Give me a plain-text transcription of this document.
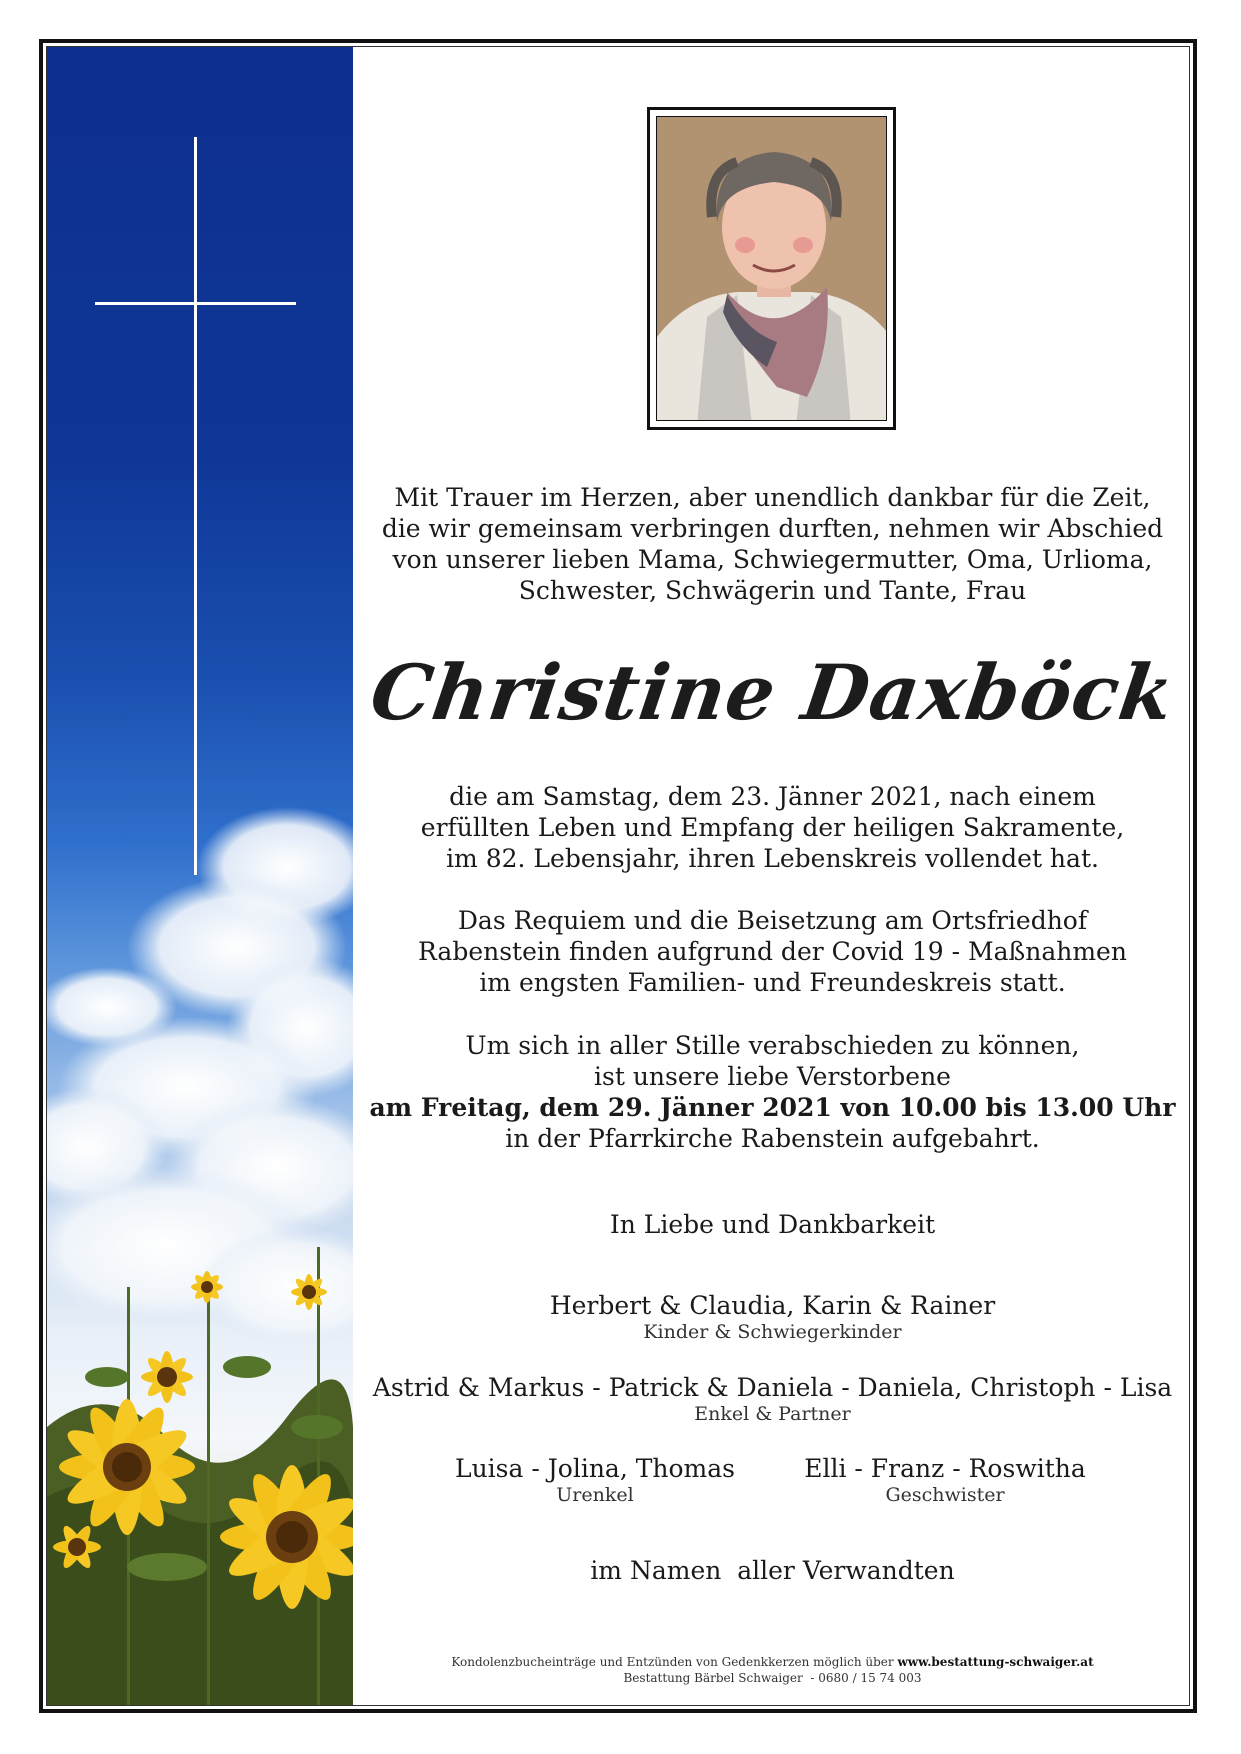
Mit Trauer im Herzen, aber unendlich dankbar für die Zeit,
die wir gemeinsam verbringen durften, nehmen wir Abschied
von unserer lieben Mama, Schwiegermutter, Oma, Urlioma,
Schwester, Schwägerin und Tante, Frau
Christine Daxböck
die am Samstag, dem 23. Jänner 2021, nach einem
erfüllten Leben und Empfang der heiligen Sakramente,
im 82. Lebensjahr, ihren Lebenskreis vollendet hat.
Das Requiem und die Beisetzung am Ortsfriedhof
Rabenstein finden aufgrund der Covid 19 - Maßnahmen
im engsten Familien- und Freundeskreis statt.
Um sich in aller Stille verabschieden zu können,
ist unsere liebe Verstorbene
am Freitag, dem 29. Jänner 2021 von 10.00 bis 13.00 Uhr
in der Pfarrkirche Rabenstein aufgebahrt.
In Liebe und Dankbarkeit
Herbert & Claudia, Karin & Rainer
Kinder & Schwiegerkinder
Astrid & Markus - Patrick & Daniela - Daniela, Christoph - Lisa
Enkel & Partner
Luisa - Jolina, Thomas
Urenkel
Elli - Franz - Roswitha
Geschwister
im Namen  aller Verwandten
Kondolenzbucheinträge und Entzünden von Gedenkkerzen möglich über www.bestattung-schwaiger.at
Bestattung Bärbel Schwaiger  - 0680 / 15 74 003
